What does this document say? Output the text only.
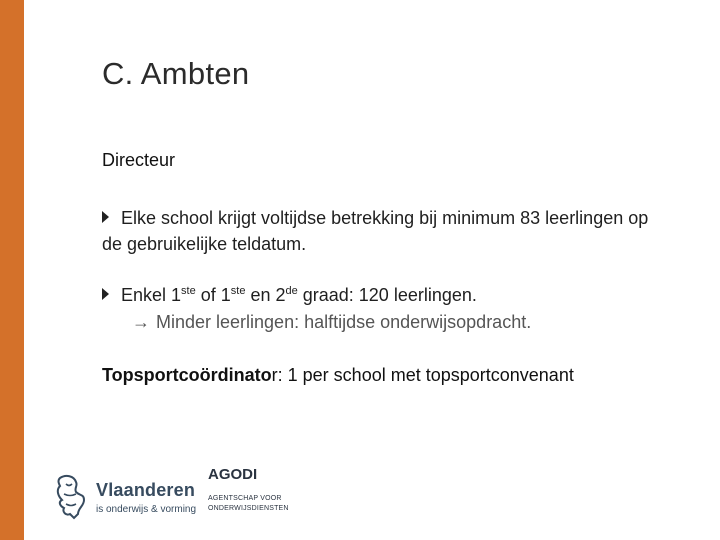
C. Ambten
Directeur
Elke school krijgt voltijdse betrekking bij minimum 83 leerlingen op de gebruikelijke teldatum.
Enkel 1ste of 1ste en 2de graad: 120 leerlingen.
→ Minder leerlingen: halftijdse onderwijsopdracht.
Topsportcoördinator: 1 per school met topsportconvenant
Vlaanderen
is onderwijs & vorming
AGODI
AGENTSCHAP VOOR ONDERWIJSDIENSTEN
